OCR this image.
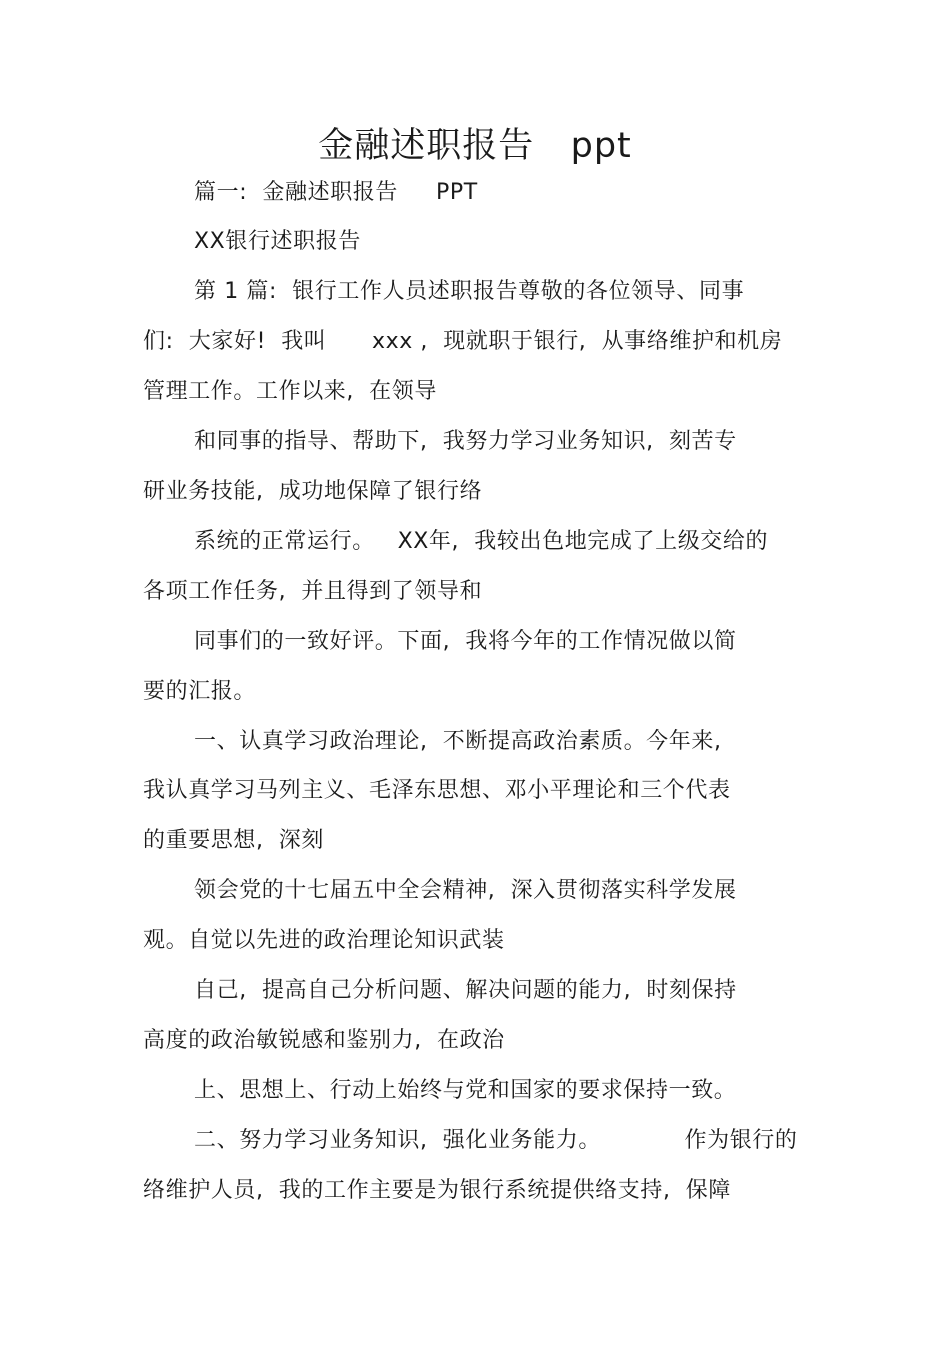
金融述职报告   ppt
篇一:  金融述职报告     PPT
XX银行述职报告
第 1 篇:  银行工作人员述职报告尊敬的各位领导、同事
们:  大家好!  我叫      xxx ,  现就职于银行,  从事络维护和机房
管理工作。工作以来,  在领导
和同事的指导、帮助下,  我努力学习业务知识,  刻苦专
研业务技能,  成功地保障了银行络
系统的正常运行。   XX年,  我较出色地完成了上级交给的
各项工作任务,  并且得到了领导和
同事们的一致好评。下面,  我将今年的工作情况做以简
要的汇报。
一、认真学习政治理论,  不断提高政治素质。今年来,
我认真学习马列主义、毛泽东思想、邓小平理论和三个代表
的重要思想,  深刻
领会党的十七届五中全会精神,  深入贯彻落实科学发展
观。自觉以先进的政治理论知识武装
自己,  提高自己分析问题、解决问题的能力,  时刻保持
高度的政治敏锐感和鉴别力,  在政治
上、思想上、行动上始终与党和国家的要求保持一致。
二、努力学习业务知识,  强化业务能力。           作为银行的
络维护人员,  我的工作主要是为银行系统提供络支持,  保障
